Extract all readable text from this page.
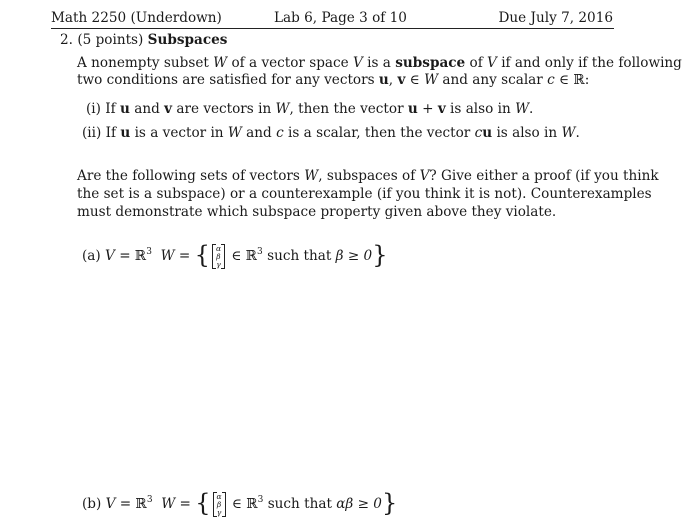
Math 2250 (Underdown)	Lab 6, Page 3 of 10	Due July 7, 2016
2. (5 points) Subspaces
A nonempty subset W of a vector space V is a subspace of V if and only if the following
two conditions are satisfied for any vectors u, v ∈ W and any scalar c ∈ ℝ:
(i) If u and v are vectors in W, then the vector u + v is also in W.
(ii) If u is a vector in W and c is a scalar, then the vector cu is also in W.
Are the following sets of vectors W, subspaces of V? Give either a proof (if you think
the set is a subspace) or a counterexample (if you think it is not). Counterexamples
must demonstrate which subspace property given above they violate.
(a) V = ℝ$^3$ W = { α
β
γ ∈ ℝ$^3$ such that β ≥ 0}
(b) V = ℝ$^3$ W = { α
β
γ ∈ ℝ$^3$ such that αβ ≥ 0}
